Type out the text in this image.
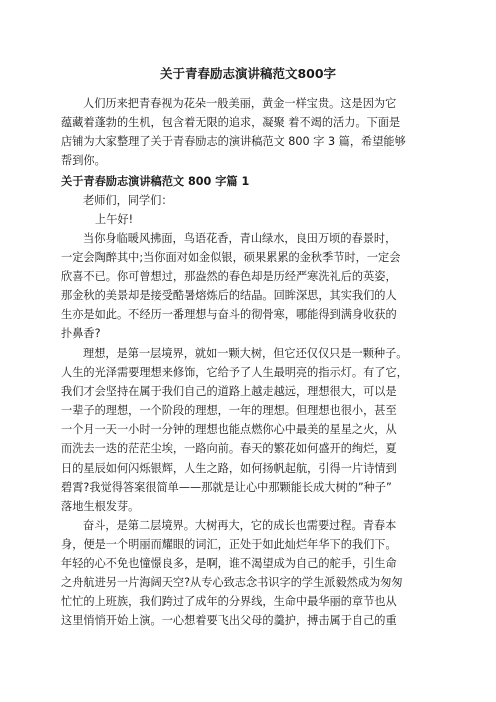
关于青春励志演讲稿范文800字
人们历来把青春视为花朵一般美丽，黄金一样宝贵。这是因为它
蕴藏着蓬勃的生机，包含着无限的追求，凝聚 着不竭的活力。下面是
店铺为大家整理了关于青春励志的演讲稿范文 800 字 3 篇，希望能够
帮到你。
关于青春励志演讲稿范文 800 字篇 1
老师们，同学们：
上午好!
当你身临暖风拂面，鸟语花香，青山绿水，良田万顷的春景时，
一定会陶醉其中;当你面对如金似银，硕果累累的金秋季节时，一定会
欣喜不已。你可曾想过，那盎然的春色却是历经严寒洗礼后的英姿，
那金秋的美景却是接受酷暑熔炼后的结晶。回眸深思，其实我们的人
生亦是如此。不经历一番理想与奋斗的彻骨寒，哪能得到满身收获的
扑鼻香?
理想，是第一层境界，就如一颗大树，但它还仅仅只是一颗种子。
人生的光泽需要理想来修饰，它给予了人生最明亮的指示灯。有了它，
我们才会坚持在属于我们自己的道路上越走越远，理想很大，可以是
一辈子的理想，一个阶段的理想，一年的理想。但理想也很小，甚至
一个月一天一小时一分钟的理想也能点燃你心中最美的星星之火，从
而洗去一迭的茫茫尘埃，一路向前。春天的繁花如何盛开的绚烂，夏
日的星辰如何闪烁银辉，人生之路，如何扬帆起航，引得一片诗情到
碧霄?我觉得答案很简单——那就是让心中那颗能长成大树的”种子”
落地生根发芽。
奋斗，是第二层境界。大树再大，它的成长也需要过程。青春本
身，便是一个明丽而耀眼的词汇，正处于如此灿烂年华下的我们下。
年轻的心不免也憧憬良多，是啊，谁不渴望成为自己的舵手，引生命
之舟航进另一片海阔天空?从专心致志念书识字的学生派毅然成为匆匆
忙忙的上班族，我们跨过了成年的分界线，生命中最华丽的章节也从
这里悄悄开始上演。一心想着要飞出父母的羹护，搏击属于自己的重
